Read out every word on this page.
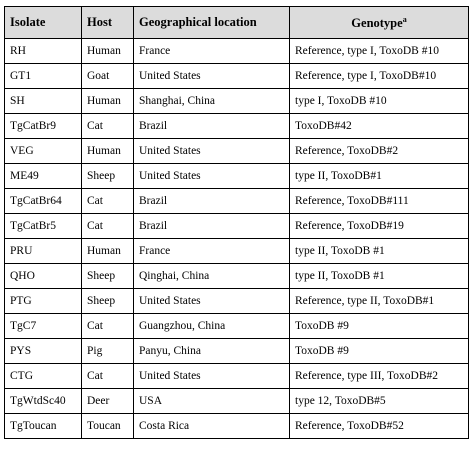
Isolate	Host	Geographical location	Genotype$^a$
RH	Human	France	Reference, type I, ToxoDB #10
GT1	Goat	United States	Reference, type I, ToxoDB#10
SH	Human	Shanghai, China	type I, ToxoDB #10
TgCatBr9	Cat	Brazil	ToxoDB#42
VEG	Human	United States	Reference, ToxoDB#2
ME49	Sheep	United States	type II, ToxoDB#1
TgCatBr64	Cat	Brazil	Reference, ToxoDB#111
TgCatBr5	Cat	Brazil	Reference, ToxoDB#19
PRU	Human	France	type II, ToxoDB #1
QHO	Sheep	Qinghai, China	type II, ToxoDB #1
PTG	Sheep	United States	Reference, type II, ToxoDB#1
TgC7	Cat	Guangzhou, China	ToxoDB #9
PYS	Pig	Panyu, China	ToxoDB #9
CTG	Cat	United States	Reference, type III, ToxoDB#2
TgWtdSc40	Deer	USA	type 12, ToxoDB#5
TgToucan	Toucan	Costa Rica	Reference, ToxoDB#52
